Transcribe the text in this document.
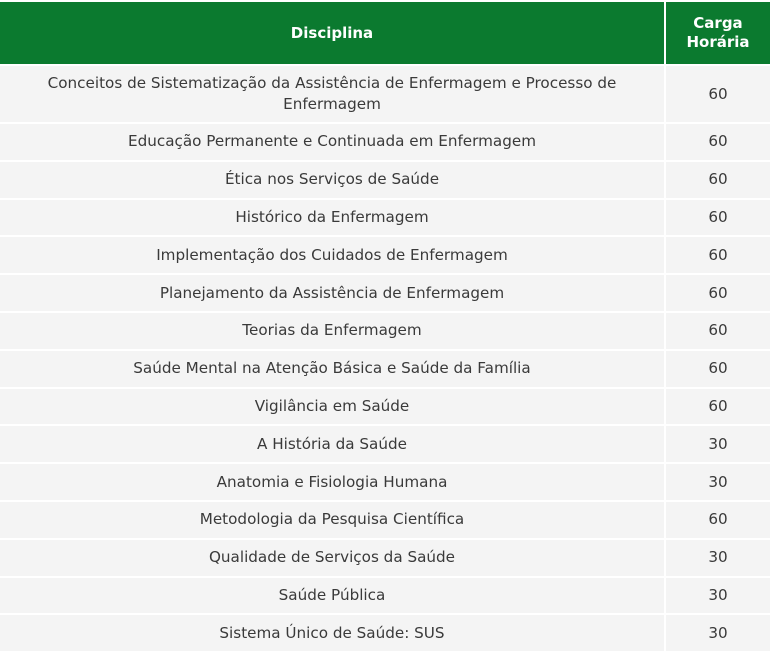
Disciplina	Carga Horária
Conceitos de Sistematização da Assistência de Enfermagem e Processo de Enfermagem	60
Educação Permanente e Continuada em Enfermagem	60
Ética nos Serviços de Saúde	60
Histórico da Enfermagem	60
Implementação dos Cuidados de Enfermagem	60
Planejamento da Assistência de Enfermagem	60
Teorias da Enfermagem	60
Saúde Mental na Atenção Básica e Saúde da Família	60
Vigilância em Saúde	60
A História da Saúde	30
Anatomia e Fisiologia Humana	30
Metodologia da Pesquisa Científica	60
Qualidade de Serviços da Saúde	30
Saúde Pública	30
Sistema Único de Saúde: SUS	30
